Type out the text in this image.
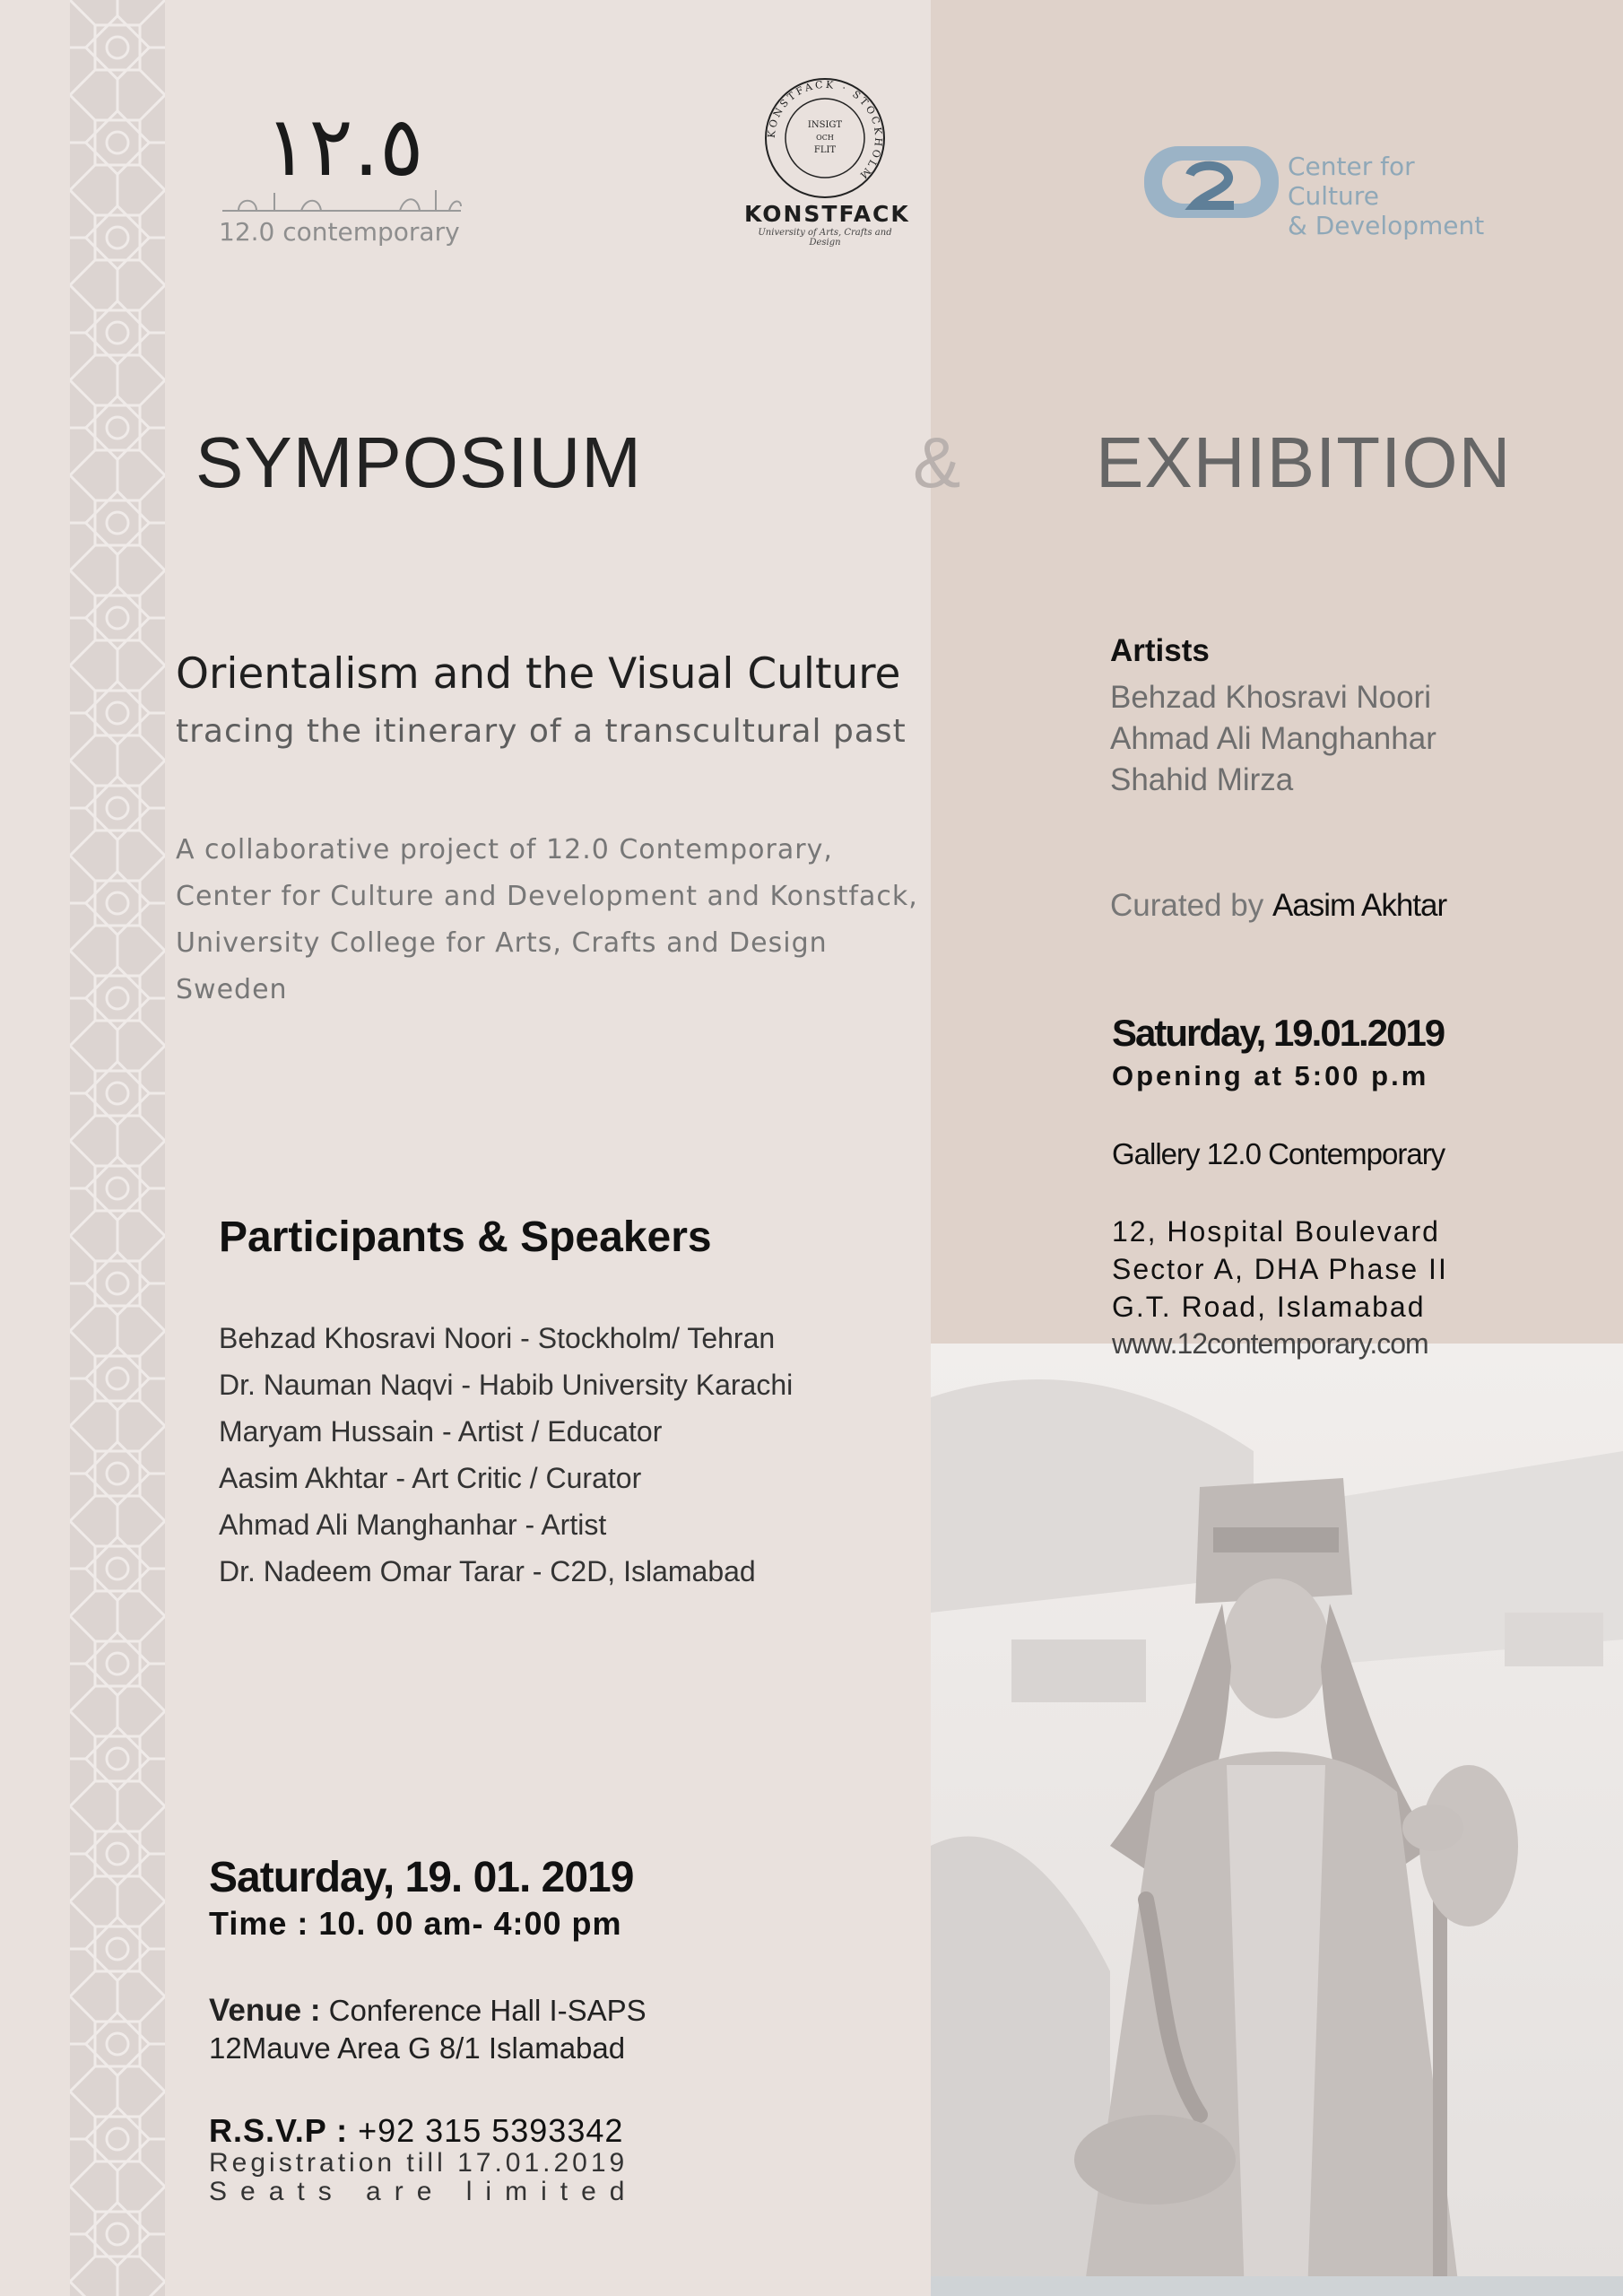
١٢.٥
12.0 contemporary
KONSTFACK · STOCKHOLM
INSIGT
OCH
FLIT
KONSTFACK
University of Arts, Crafts and Design
Center for Culture
& Development
SYMPOSIUM	& EXHIBITION
Orientalism and the Visual Culture
tracing the itinerary of a transcultural past
A collaborative project of 12.0 Contemporary,
Center for Culture and Development and Konstfack,
University College for Arts, Crafts and Design Sweden
Participants & Speakers
Behzad Khosravi Noori - Stockholm/ Tehran
Dr. Nauman Naqvi - Habib University Karachi
Maryam Hussain - Artist / Educator
Aasim Akhtar - Art Critic / Curator
Ahmad Ali Manghanhar - Artist
Dr. Nadeem Omar Tarar - C2D, Islamabad
Saturday, 19. 01. 2019
Time : 10. 00 am- 4:00 pm
Venue : Conference Hall I-SAPS
12Mauve Area G 8/1 Islamabad
R.S.V.P : +92 315 5393342
Registration till 17.01.2019
Seats are limited
Artists
Behzad Khosravi Noori
Ahmad Ali Manghanhar
Shahid Mirza
Curated by Aasim Akhtar
Saturday, 19.01.2019
Opening at 5:00 p.m
Gallery 12.0 Contemporary
12, Hospital Boulevard
Sector A, DHA Phase II
G.T. Road, Islamabad
www.12contemporary.com
